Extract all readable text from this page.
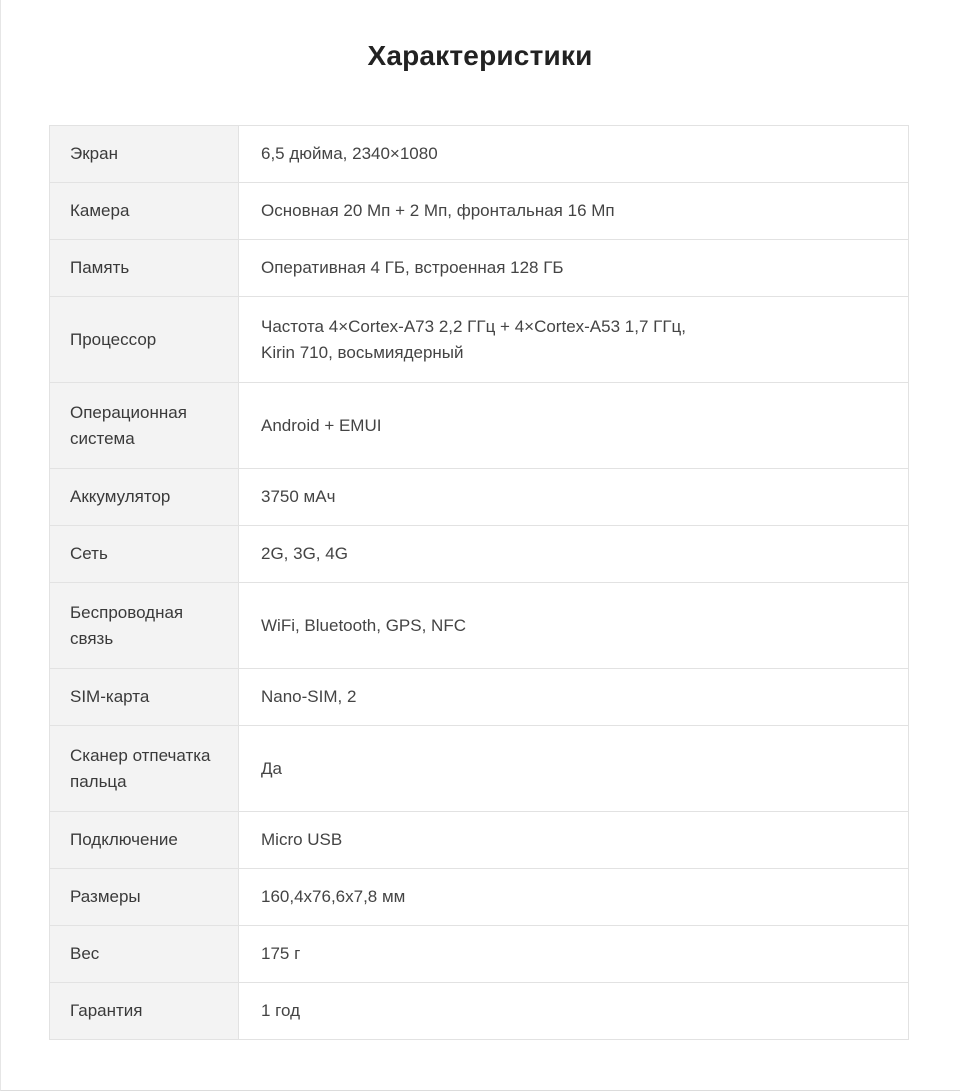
Характеристики
Экран	6,5 дюйма, 2340×1080

Камера	Основная 20 Мп + 2 Мп, фронтальная 16 Мп

Память	Оперативная 4 ГБ, встроенная 128 ГБ

Процессор	Частота 4×Cortex-A73 2,2 ГГц + 4×Cortex-A53 1,7 ГГц,
Kirin 710, восьмиядерный

Операционная система	Android + EMUI

Аккумулятор	3750 мАч

Сеть	2G, 3G, 4G

Беспроводная связь	WiFi, Bluetooth, GPS, NFC

SIM-карта	Nano-SIM, 2

Сканер отпечатка пальца	Да

Подключение	Micro USB

Размеры	160,4x76,6x7,8 мм

Вес	175 г

Гарантия	1 год
